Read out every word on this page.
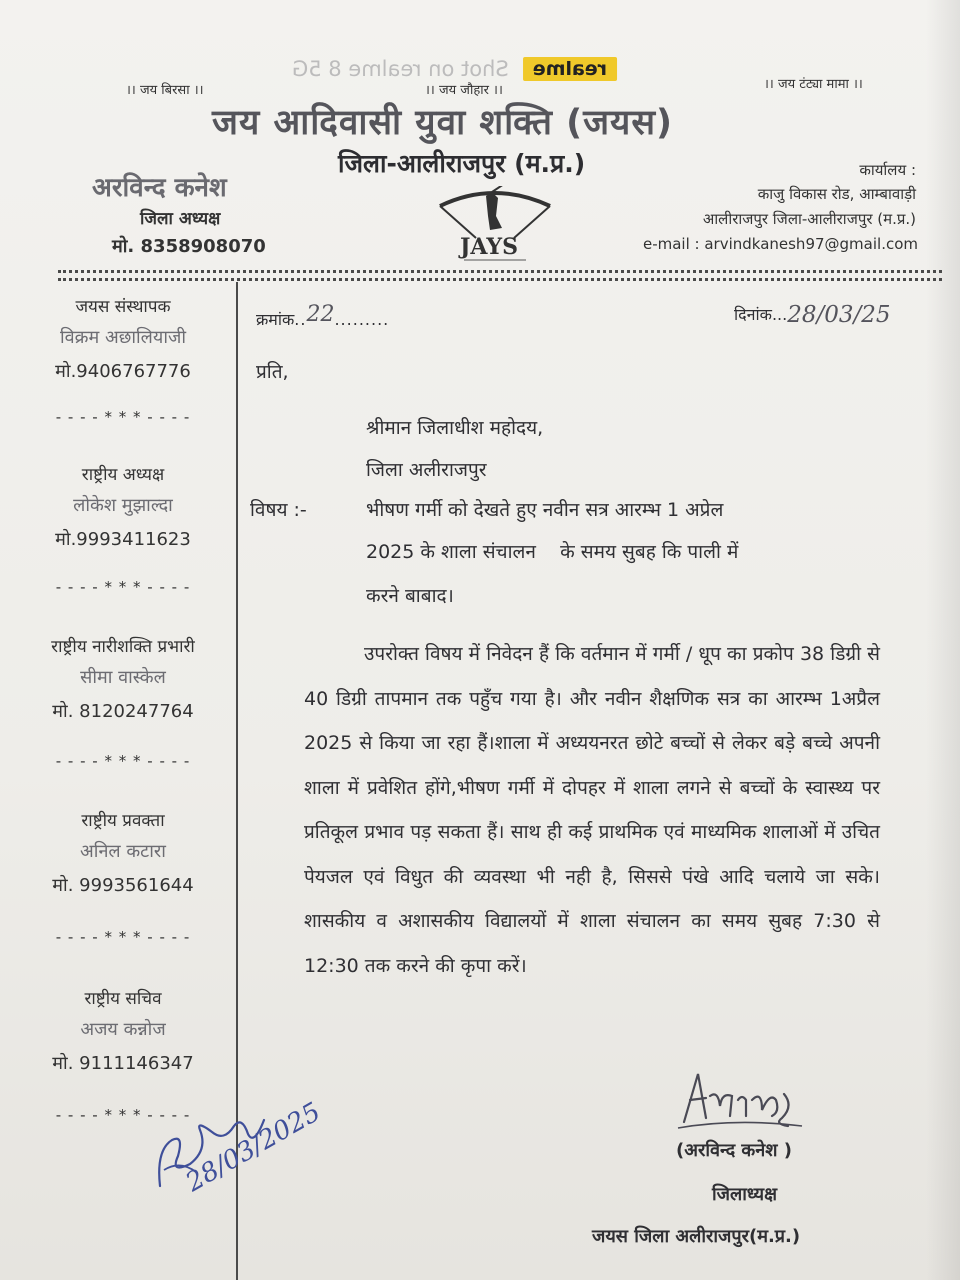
realme
Shot on realme 8 5G
।। जय बिरसा ।।	।। जय जौहार ।।	।। जय टंट्या मामा ।।
जय आदिवासी युवा शक्ति (जयस)
जिला-आलीराजपुर (म.प्र.)
अरविन्द कनेश
जिला अध्यक्ष
मो. 8358908070	JAYS
कार्यालय :
काजु विकास रोड, आम्बावाड़ी
आलीराजपुर जिला-आलीराजपुर (म.प्र.)
e-mail : arvindkanesh97@gmail.com
जयस संस्थापक
विक्रम अछालियाजी
मो.9406767776
- - - - * * * - - - -
राष्ट्रीय अध्यक्ष
लोकेश मुझाल्दा
मो.9993411623
- - - - * * * - - - -
राष्ट्रीय नारीशक्ति प्रभारी
सीमा वास्केल
मो. 8120247764
- - - - * * * - - - -
राष्ट्रीय प्रवक्ता
अनिल कटारा
मो. 9993561644
- - - - * * * - - - -
राष्ट्रीय सचिव
अजय कन्नोज
मो. 9111146347
- - - - * * * - - - -
क्रमांक..22.........	दिनांक...28/03/25
प्रति,
श्रीमान जिलाधीश महोदय,
जिला अलीराजपुर
विषय :-	भीषण गर्मी को देखते हुए नवीन सत्र आरम्भ 1 अप्रेल
2025 के शाला संचालन    के समय सुबह कि पाली में
करने बाबाद।
उपरोक्त विषय में निवेदन हैं कि वर्तमान में गर्मी / धूप का प्रकोप 38 डिग्री से 40 डिग्री तापमान तक पहुँच गया है। और नवीन शैक्षणिक सत्र का आरम्भ 1अप्रैल 2025 से किया जा रहा हैं।शाला में अध्ययनरत छोटे बच्चों से लेकर बड़े बच्चे अपनी शाला में प्रवेशित होंगे,भीषण गर्मी में दोपहर में शाला लगने से बच्चों के स्वास्थ्य पर प्रतिकूल प्रभाव पड़ सकता हैं। साथ ही कई प्राथमिक एवं माध्यमिक शालाओं में उचित पेयजल एवं विधुत की व्यवस्था भी नही है, सिससे पंखे आदि चलाये जा सके।शासकीय व अशासकीय विद्यालयों में शाला संचालन का समय सुबह 7:30 से 12:30 तक करने की कृपा करें।
(अरविन्द कनेश )
जिलाध्यक्ष
जयस जिला अलीराजपुर(म.प्र.)
28/03/2025
